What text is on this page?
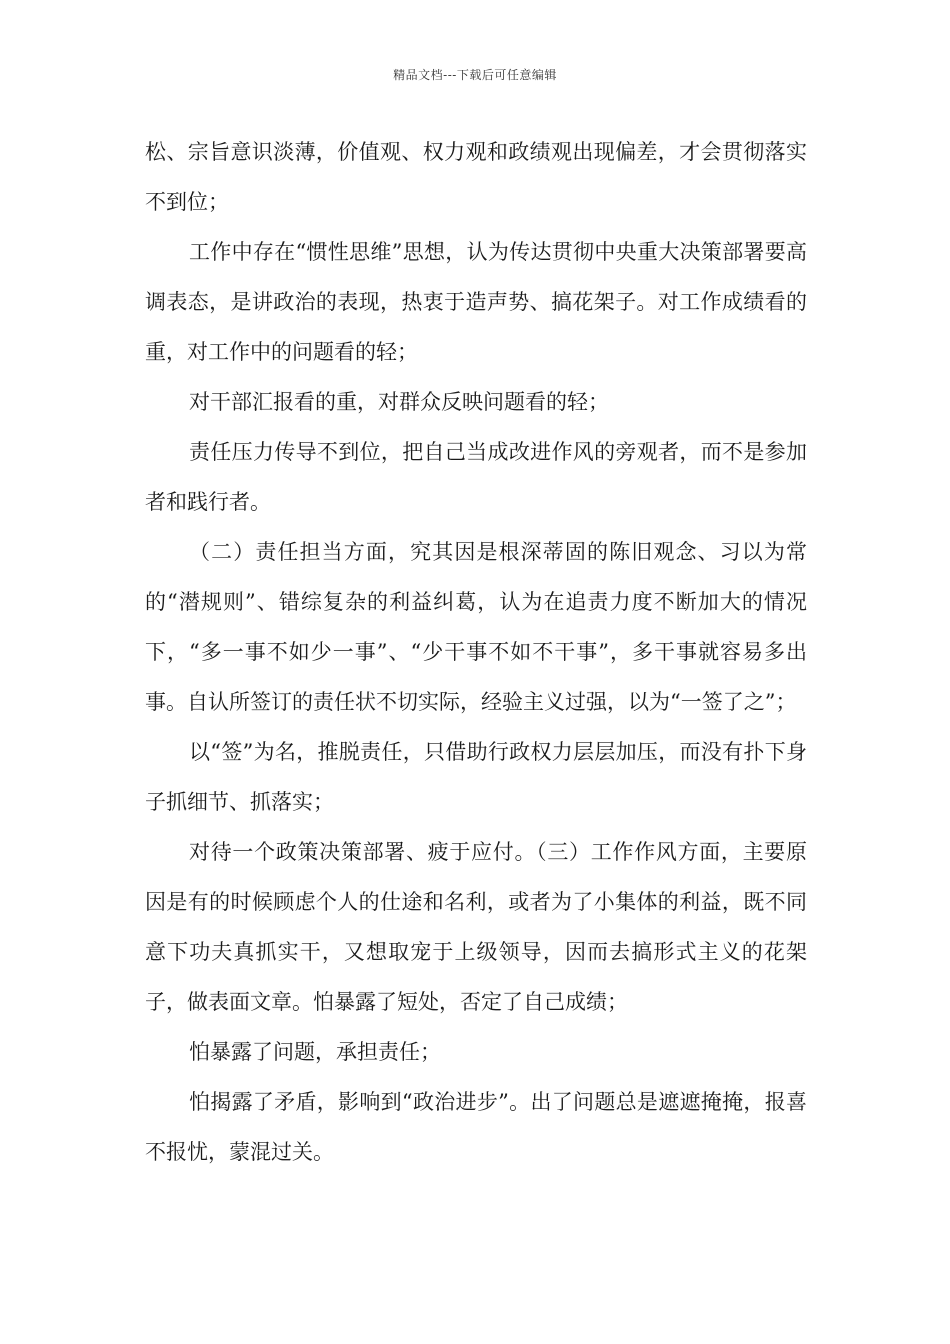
精品文档---下载后可任意编辑

松、宗旨意识淡薄，价值观、权力观和政绩观出现偏差，才会贯彻落实不到位；

工作中存在“惯性思维”思想，认为传达贯彻中央重大决策部署要高调表态，是讲政治的表现，热衷于造声势、搞花架子。对工作成绩看的重，对工作中的问题看的轻；

对干部汇报看的重，对群众反映问题看的轻；

责任压力传导不到位，把自己当成改进作风的旁观者，而不是参加者和践行者。

（二）责任担当方面，究其因是根深蒂固的陈旧观念、习以为常的“潜规则”、错综复杂的利益纠葛，认为在追责力度不断加大的情况下，“多一事不如少一事”、“少干事不如不干事”，多干事就容易多出事。自认所签订的责任状不切实际，经验主义过强，以为“一签了之”；

以“签”为名，推脱责任，只借助行政权力层层加压，而没有扑下身子抓细节、抓落实；

对待一个政策决策部署、疲于应付。（三）工作作风方面，主要原因是有的时候顾虑个人的仕途和名利，或者为了小集体的利益，既不同意下功夫真抓实干，又想取宠于上级领导，因而去搞形式主义的花架子，做表面文章。怕暴露了短处，否定了自己成绩；

怕暴露了问题，承担责任；

怕揭露了矛盾，影响到“政治进步”。出了问题总是遮遮掩掩，报喜不报忧，蒙混过关。
